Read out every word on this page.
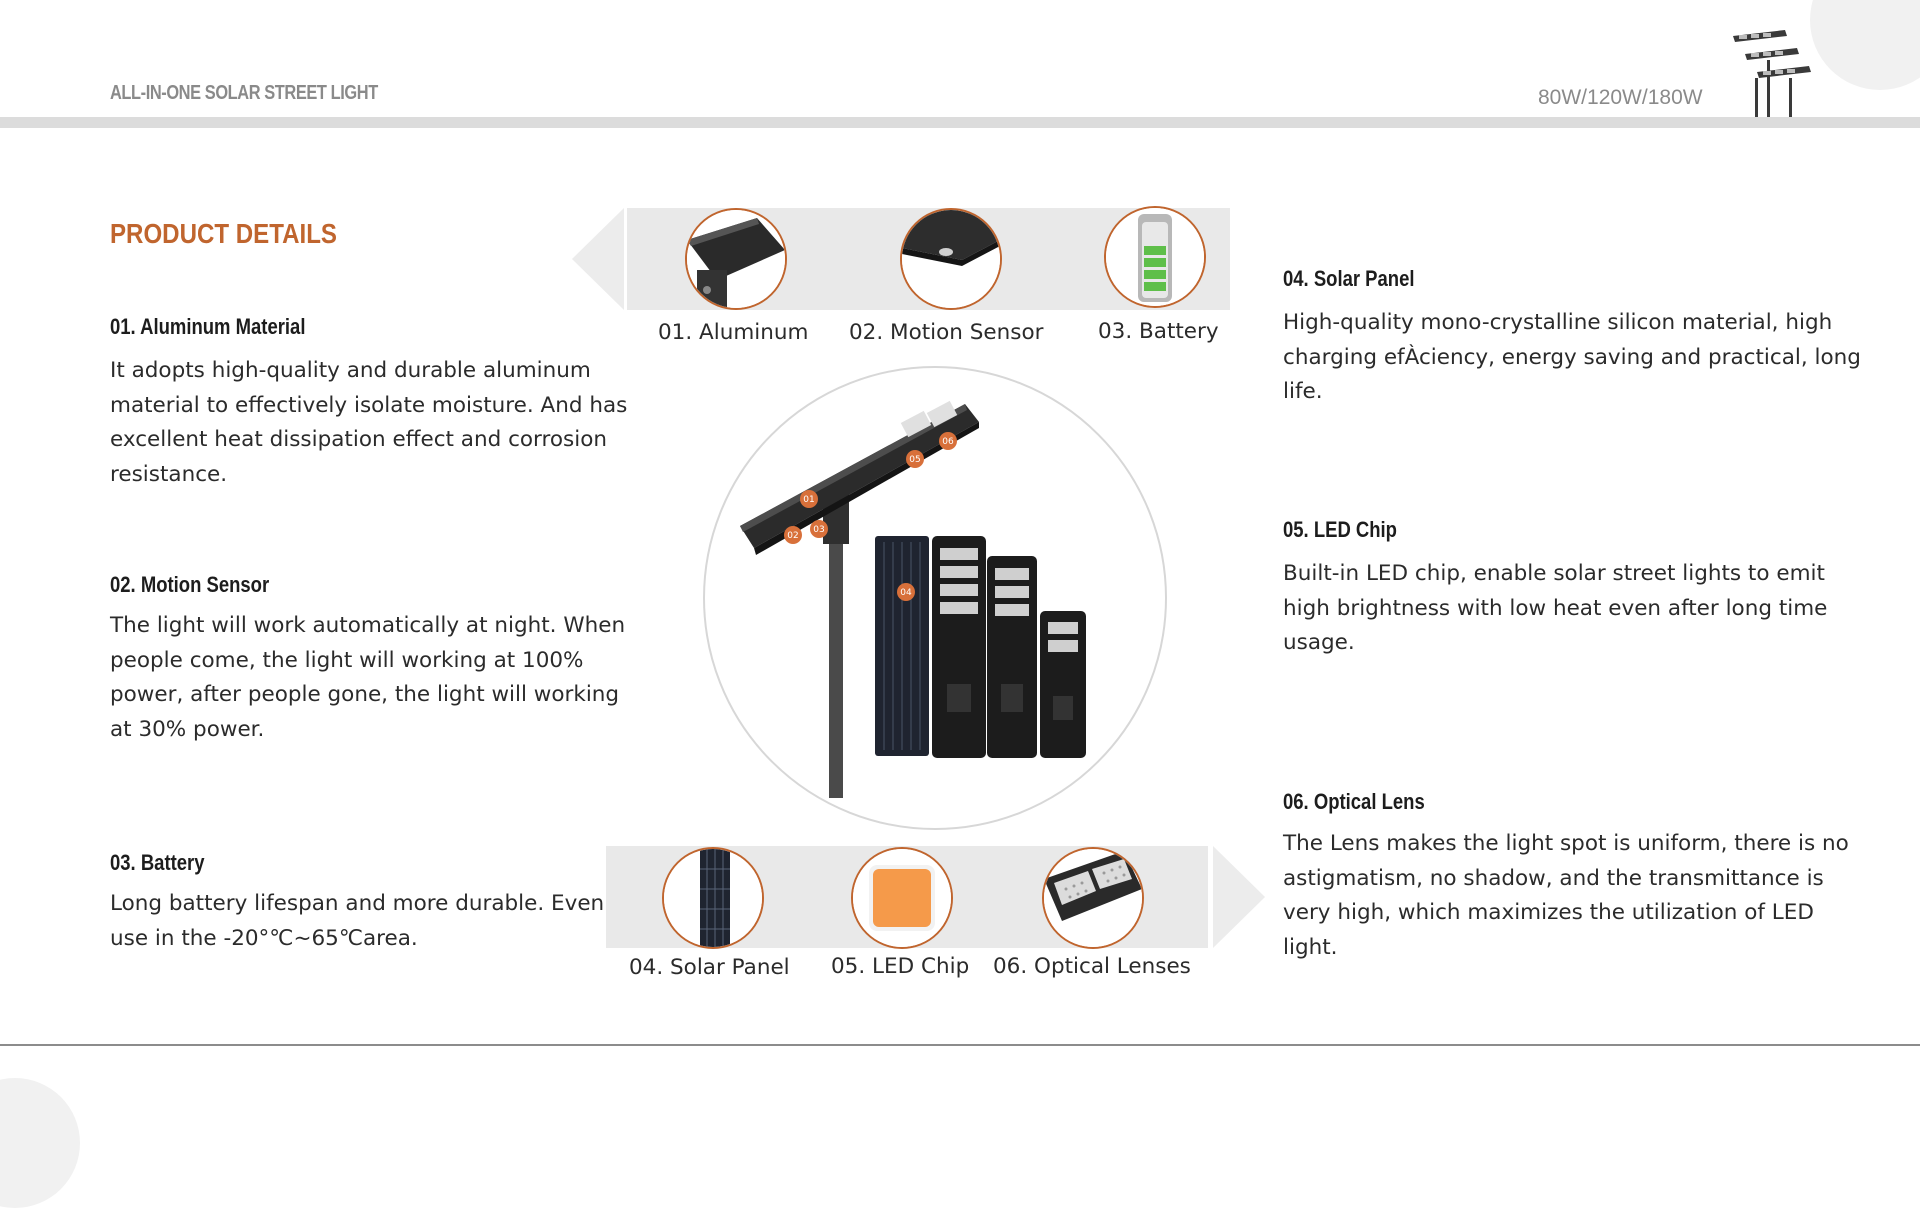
ALL-IN-ONE SOLAR STREET LIGHT	80W/120W/180W
PRODUCT DETAILS
01. Aluminum Material
It adopts high-quality and durable aluminum material to effectively isolate moisture. And has excellent heat dissipation effect and corrosion resistance.
02. Motion Sensor
The light will work automatically at night. When people come, the light will working at 100% power, after people gone, the light will working at 30% power.
03. Battery
Long battery lifespan and more durable. Even use in the -20°℃~65℃area.
04. Solar Panel
High-quality mono-crystalline silicon material, high charging efÀciency, energy saving and practical, long life.
05. LED Chip
Built-in LED chip, enable solar street lights to emit high brightness with low heat even after long time usage.
06. Optical Lens
The Lens makes the light spot is uniform, there is no astigmatism, no shadow, and the transmittance is very high, which maximizes the utilization of LED light.
01. Aluminum 02. Motion Sensor	03. Battery
01
02
03
04
05
06
04. Solar Panel 05. LED Chip 06. Optical Lenses
